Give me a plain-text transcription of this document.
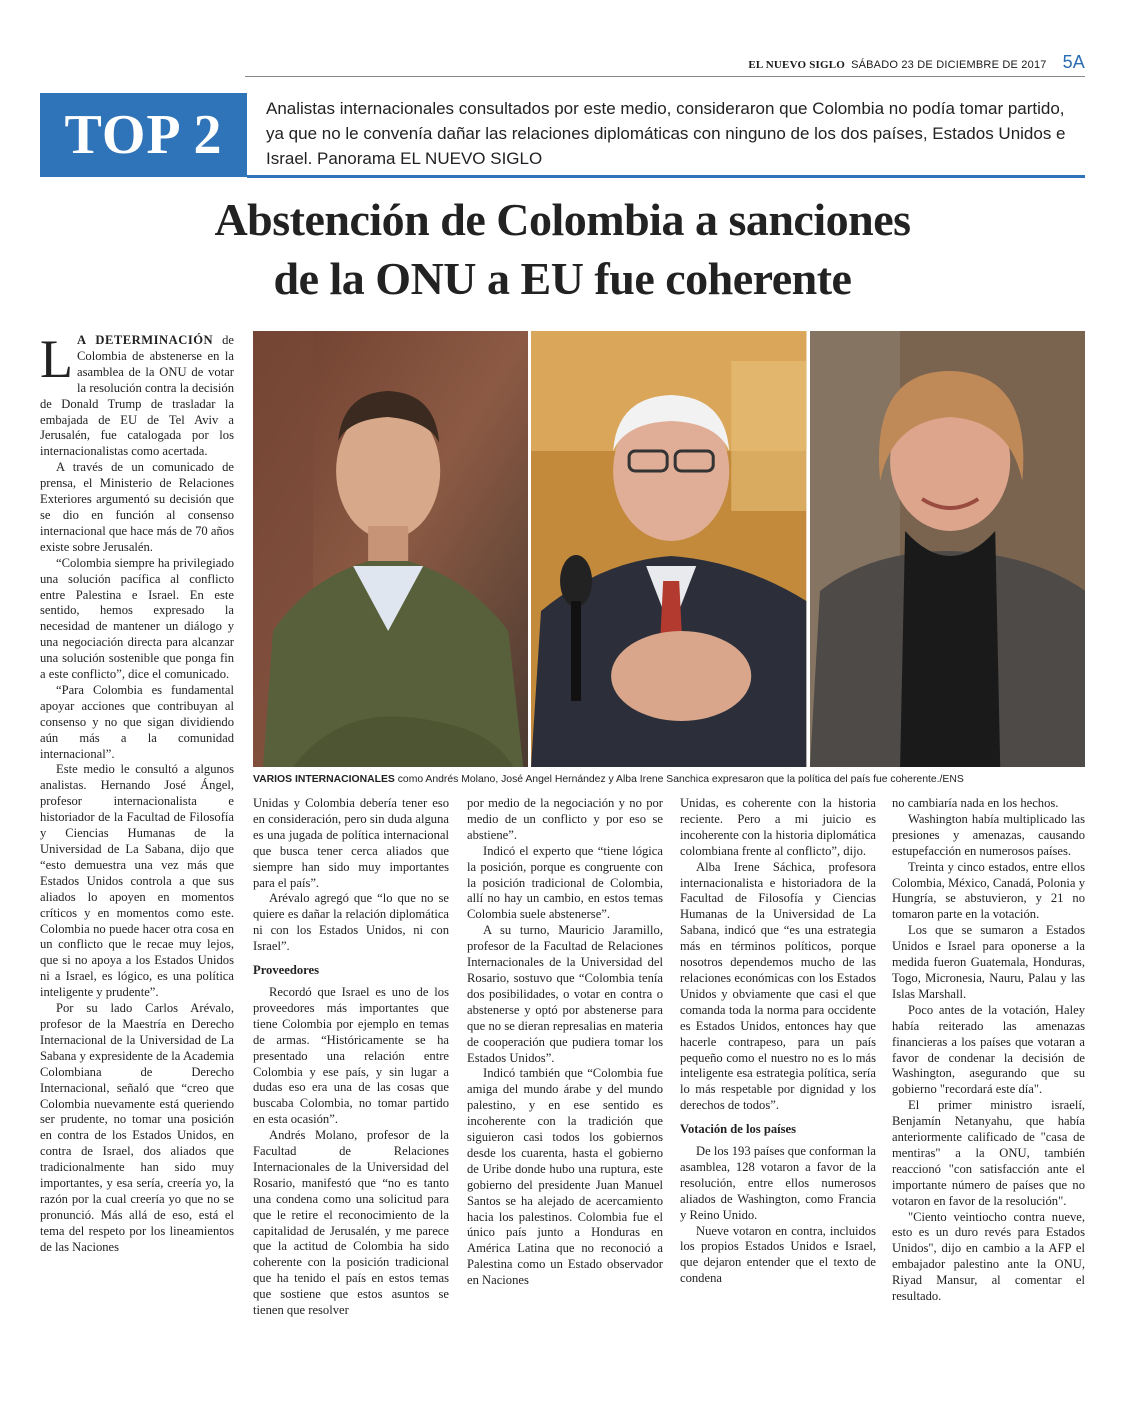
EL NUEVO SIGLO SÁBADO 23 DE DICIEMBRE DE 2017 5A
TOP 2	Analistas internacionales consultados por este medio, consideraron que Colombia no podía tomar partido, ya que no le convenía dañar las relaciones diplomáticas con ninguno de los dos países, Estados Unidos e Israel. Panorama EL NUEVO SIGLO
Abstención de Colombia a sanciones
de la ONU a EU fue coherente
VARIOS INTERNACIONALES como Andrés Molano, José Angel Hernández y Alba Irene Sanchica expresaron que la política del país fue coherente./ENS

L A DETERMINACIÓN de Colombia de abstenerse en la asamblea de la ONU de votar la resolución contra la decisión de Donald Trump de trasladar la embajada de EU de Tel Aviv a Jerusalén, fue catalogada por los internacionalistas como acertada.

A través de un comunicado de prensa, el Ministerio de Relaciones Exteriores argumentó su decisión que se dio en función al consenso internacional que hace más de 70 años existe sobre Jerusalén.

“Colombia siempre ha privilegiado una solución pacífica al conflicto entre Palestina e Israel. En este sentido, hemos expresado la necesidad de mantener un diálogo y una negociación directa para alcanzar una solución sostenible que ponga fin a este conflicto”, dice el comunicado.

“Para Colombia es fundamental apoyar acciones que contribuyan al consenso y no que sigan dividiendo aún más a la comunidad internacional”.

Este medio le consultó a algunos analistas. Hernando José Ángel, profesor internacionalista e historiador de la Facultad de Filosofía y Ciencias Humanas de la Universidad de La Sabana, dijo que “esto demuestra una vez más que Estados Unidos controla a que sus aliados lo apoyen en momentos críticos y en momentos como este. Colombia no puede hacer otra cosa en un conflicto que le recae muy lejos, que si no apoya a los Estados Unidos ni a Israel, es lógico, es una política inteligente y prudente”.

Por su lado Carlos Arévalo, profesor de la Maestría en Derecho Internacional de la Universidad de La Sabana y expresidente de la Academia Colombiana de Derecho Internacional, señaló que “creo que Colombia nuevamente está queriendo ser prudente, no tomar una posición en contra de los Estados Unidos, en contra de Israel, dos aliados que tradicionalmente han sido muy importantes, y esa sería, creería yo, la razón por la cual creería yo que no se pronunció. Más allá de eso, está el tema del respeto por los lineamientos de las Naciones

Unidas y Colombia debería tener eso en consideración, pero sin duda alguna es una jugada de política internacional que busca tener cerca aliados que siempre han sido muy importantes para el país”.

Arévalo agregó que “lo que no se quiere es dañar la relación diplomática ni con los Estados Unidos, ni con Israel”.

Proveedores

Recordó que Israel es uno de los proveedores más importantes que tiene Colombia por ejemplo en temas de armas. “Históricamente se ha presentado una relación entre Colombia y ese país, y sin lugar a dudas eso era una de las cosas que buscaba Colombia, no tomar partido en esta ocasión”.

Andrés Molano, profesor de la Facultad de Relaciones Internacionales de la Universidad del Rosario, manifestó que “no es tanto una condena como una solicitud para que le retire el reconocimiento de la capitalidad de Jerusalén, y me parece que la actitud de Colombia ha sido coherente con la posición tradicional que ha tenido el país en estos temas que sostiene que estos asuntos se tienen que resolver

por medio de la negociación y no por medio de un conflicto y por eso se abstiene”.

Indicó el experto que “tiene lógica la posición, porque es congruente con la posición tradicional de Colombia, allí no hay un cambio, en estos temas Colombia suele abstenerse”.

A su turno, Mauricio Jaramillo, profesor de la Facultad de Relaciones Internacionales de la Universidad del Rosario, sostuvo que “Colombia tenía dos posibilidades, o votar en contra o abstenerse y optó por abstenerse para que no se dieran represalias en materia de cooperación que pudiera tomar los Estados Unidos”.

Indicó también que “Colombia fue amiga del mundo árabe y del mundo palestino, y en ese sentido es incoherente con la tradición que siguieron casi todos los gobiernos desde los cuarenta, hasta el gobierno de Uribe donde hubo una ruptura, este gobierno del presidente Juan Manuel Santos se ha alejado de acercamiento hacia los palestinos. Colombia fue el único país junto a Honduras en América Latina que no reconoció a Palestina como un Estado observador en Naciones

Unidas, es coherente con la historia reciente. Pero a mi juicio es incoherente con la historia diplomática colombiana frente al conflicto”, dijo.

Alba Irene Sáchica, profesora internacionalista e historiadora de la Facultad de Filosofía y Ciencias Humanas de la Universidad de La Sabana, indicó que “es una estrategia más en términos políticos, porque nosotros dependemos mucho de las relaciones económicas con los Estados Unidos y obviamente que casi el que comanda toda la norma para occidente es Estados Unidos, entonces hay que hacerle contrapeso, para un país pequeño como el nuestro no es lo más inteligente esa estrategia política, sería lo más respetable por dignidad y los derechos de todos”.

Votación de los países

De los 193 países que conforman la asamblea, 128 votaron a favor de la resolución, entre ellos numerosos aliados de Washington, como Francia y Reino Unido.

Nueve votaron en contra, incluidos los propios Estados Unidos e Israel, que dejaron entender que el texto de condena

no cambiaría nada en los hechos.

Washington había multiplicado las presiones y amenazas, causando estupefacción en numerosos países.

Treinta y cinco estados, entre ellos Colombia, México, Canadá, Polonia y Hungría, se abstuvieron, y 21 no tomaron parte en la votación.

Los que se sumaron a Estados Unidos e Israel para oponerse a la medida fueron Guatemala, Honduras, Togo, Micronesia, Nauru, Palau y las Islas Marshall.

Poco antes de la votación, Haley había reiterado las amenazas financieras a los países que votaran a favor de condenar la decisión de Washington, asegurando que su gobierno "recordará este día".

El primer ministro israelí, Benjamín Netanyahu, que había anteriormente calificado de "casa de mentiras" a la ONU, también reaccionó "con satisfacción ante el importante número de países que no votaron en favor de la resolución".

"Ciento veintiocho contra nueve, esto es un duro revés para Estados Unidos", dijo en cambio a la AFP el embajador palestino ante la ONU, Riyad Mansur, al comentar el resultado.
